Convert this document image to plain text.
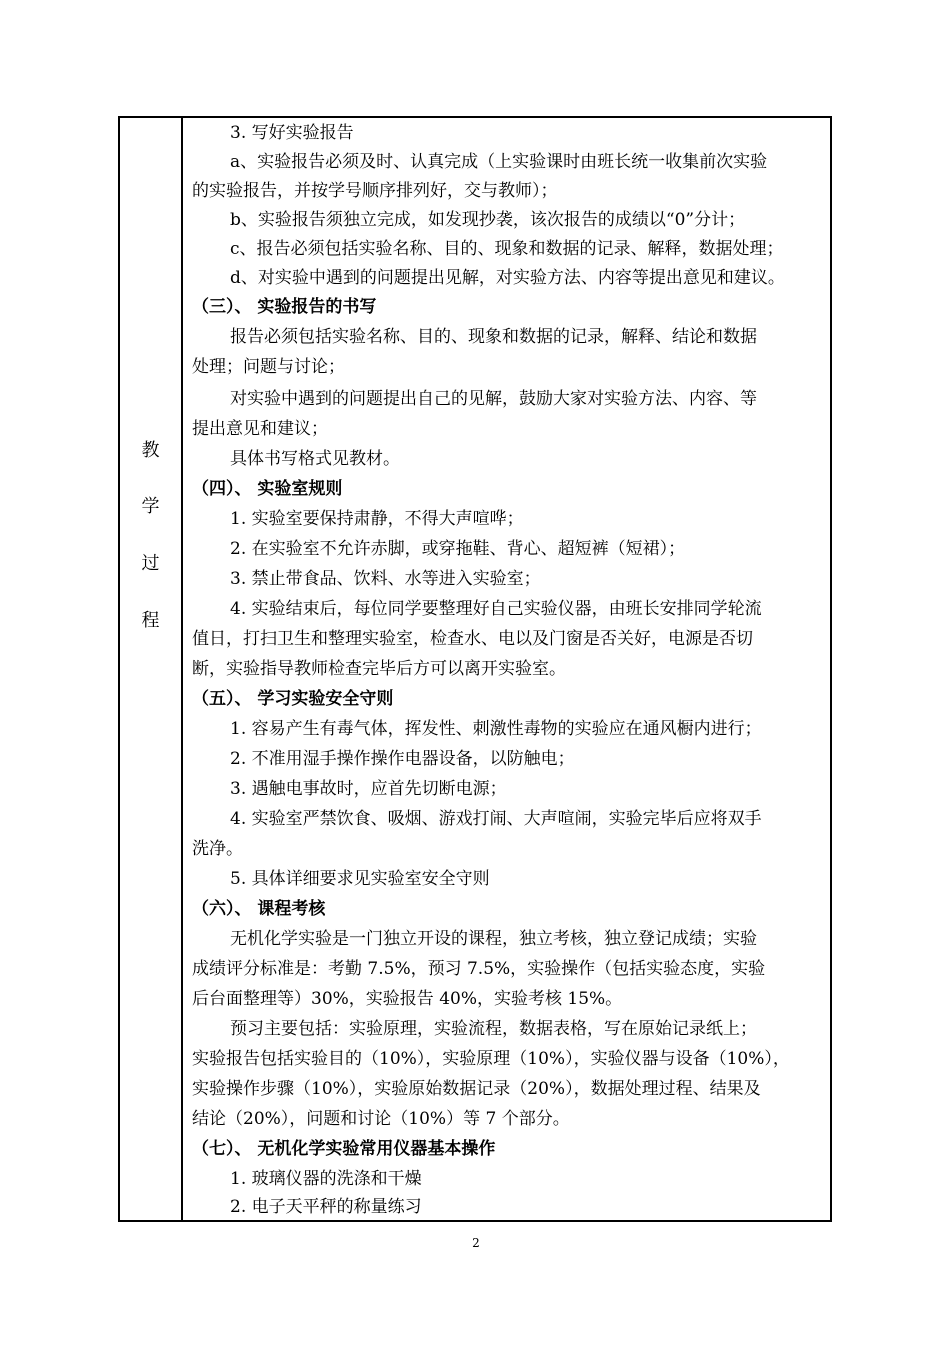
教
学
过
程
3. 写好实验报告
a、实验报告必须及时、认真完成（上实验课时由班长统一收集前次实验
的实验报告，并按学号顺序排列好，交与教师）；
b、实验报告须独立完成，如发现抄袭，该次报告的成绩以“0”分计；
c、报告必须包括实验名称、目的、现象和数据的记录、解释，数据处理；
d、对实验中遇到的问题提出见解，对实验方法、内容等提出意见和建议。
（三）、 实验报告的书写
报告必须包括实验名称、目的、现象和数据的记录，解释、结论和数据
处理；问题与讨论；
对实验中遇到的问题提出自己的见解，鼓励大家对实验方法、内容、等
提出意见和建议；
具体书写格式见教材。
（四）、 实验室规则
1. 实验室要保持肃静，不得大声喧哗；
2. 在实验室不允许赤脚，或穿拖鞋、背心、超短裤（短裙）；
3. 禁止带食品、饮料、水等进入实验室；
4. 实验结束后，每位同学要整理好自己实验仪器，由班长安排同学轮流
值日，打扫卫生和整理实验室，检查水、电以及门窗是否关好，电源是否切
断，实验指导教师检查完毕后方可以离开实验室。
（五）、 学习实验安全守则
1. 容易产生有毒气体，挥发性、刺激性毒物的实验应在通风橱内进行；
2. 不准用湿手操作操作电器设备，以防触电；
3. 遇触电事故时，应首先切断电源；
4. 实验室严禁饮食、吸烟、游戏打闹、大声喧闹，实验完毕后应将双手
洗净。
5. 具体详细要求见实验室安全守则
（六）、 课程考核
无机化学实验是一门独立开设的课程，独立考核，独立登记成绩；实验
成绩评分标准是：考勤 7.5%，预习 7.5%，实验操作（包括实验态度，实验
后台面整理等）30%，实验报告 40%，实验考核 15%。
预习主要包括：实验原理，实验流程，数据表格，写在原始记录纸上；
实验报告包括实验目的（10%），实验原理（10%），实验仪器与设备（10%），
实验操作步骤（10%），实验原始数据记录（20%），数据处理过程、结果及
结论（20%），问题和讨论（10%）等 7 个部分。
（七）、 无机化学实验常用仪器基本操作
1. 玻璃仪器的洗涤和干燥
2. 电子天平秤的称量练习
2
